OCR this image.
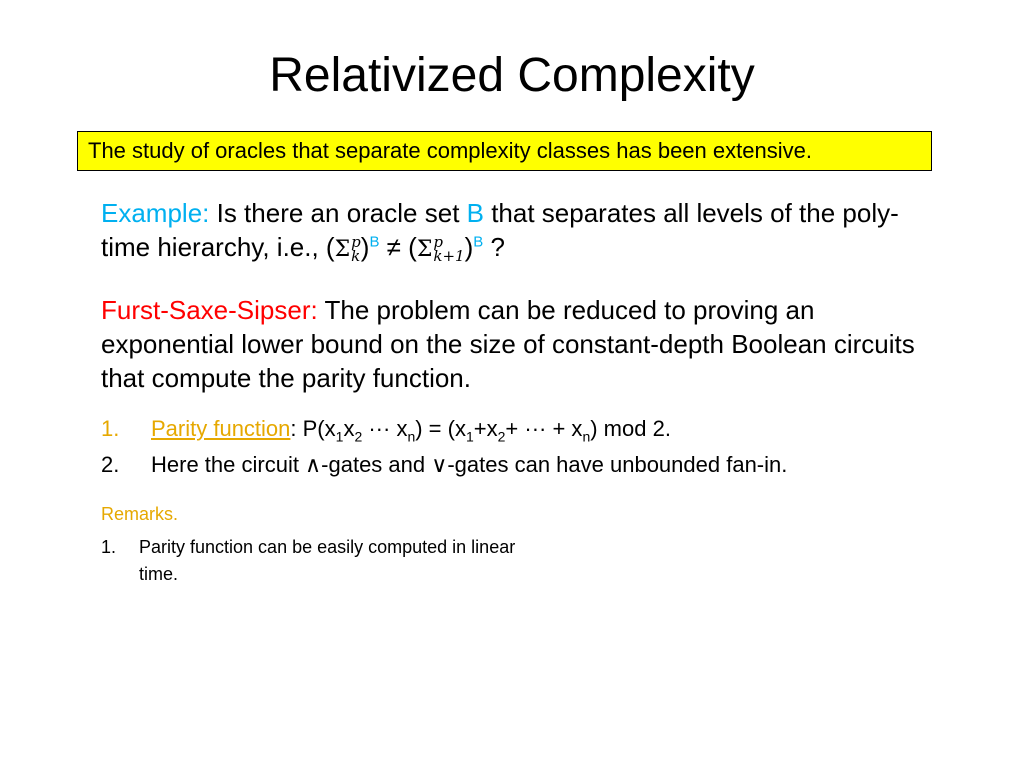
Relativized Complexity
The study of oracles that separate complexity classes has been extensive.
Example: Is there an oracle set B that separates all levels of the poly-time hierarchy, i.e., (Σ p
k )$^B$ ≠ (Σ p
k+1 )$^B$ ?
Furst-Saxe-Sipser: The problem can be reduced to proving an exponential lower bound on the size of constant-depth Boolean circuits that compute the parity function.
1.	Parity function: $P(x_1x_2$ ··· $x_n) = (x_1+x_2+$ ··· + $x_n$) mod 2.
2.	Here the circuit ∧-gates and ∨-gates can have unbounded fan-in.
Remarks.
1. Parity function can be easily computed in linear time.
